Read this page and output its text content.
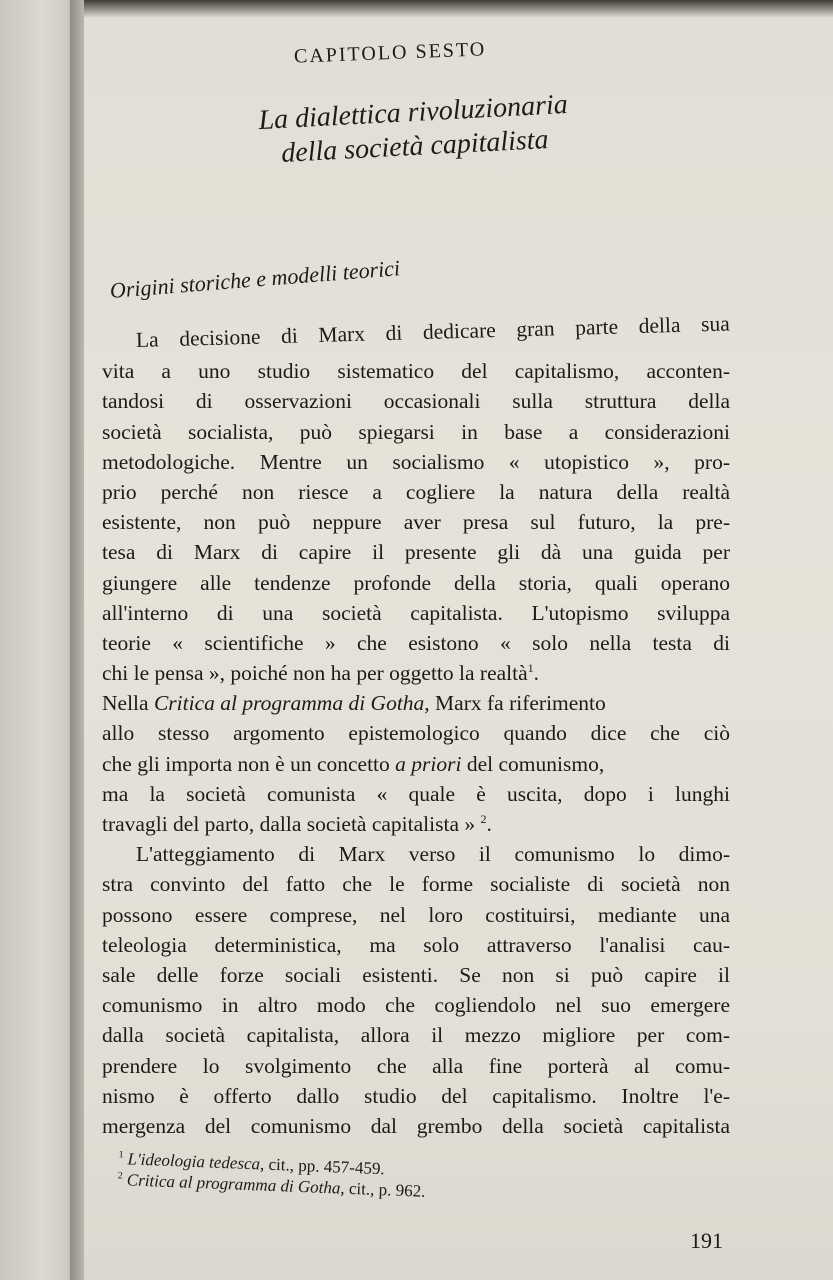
CAPITOLO SESTO
La dialettica rivoluzionaria
della società capitalista
Origini storiche e modelli teorici
La decisione di Marx di dedicare gran parte della sua
vita a uno studio sistematico del capitalismo, acconten-
tandosi di osservazioni occasionali sulla struttura della
società socialista, può spiegarsi in base a considerazioni
metodologiche. Mentre un socialismo « utopistico », pro-
prio perché non riesce a cogliere la natura della realtà
esistente, non può neppure aver presa sul futuro, la pre-
tesa di Marx di capire il presente gli dà una guida per
giungere alle tendenze profonde della storia, quali operano
all'interno di una società capitalista. L'utopismo sviluppa
teorie « scientifiche » che esistono « solo nella testa di
chi le pensa », poiché non ha per oggetto la realtà$^1$.
Nella Critica al programma di Gotha, Marx fa riferimento
allo stesso argomento epistemologico quando dice che ciò
che gli importa non è un concetto a priori del comunismo,
ma la società comunista « quale è uscita, dopo i lunghi
travagli del parto, dalla società capitalista » $^2$.
L'atteggiamento di Marx verso il comunismo lo dimo-
stra convinto del fatto che le forme socialiste di società non
possono essere comprese, nel loro costituirsi, mediante una
teleologia deterministica, ma solo attraverso l'analisi cau-
sale delle forze sociali esistenti. Se non si può capire il
comunismo in altro modo che cogliendolo nel suo emergere
dalla società capitalista, allora il mezzo migliore per com-
prendere lo svolgimento che alla fine porterà al comu-
nismo è offerto dallo studio del capitalismo. Inoltre l'e-
mergenza del comunismo dal grembo della società capitalista
$^1$ L'ideologia tedesca, cit., pp. 457-459.
$^2$ Critica al programma di Gotha, cit., p. 962.
191
